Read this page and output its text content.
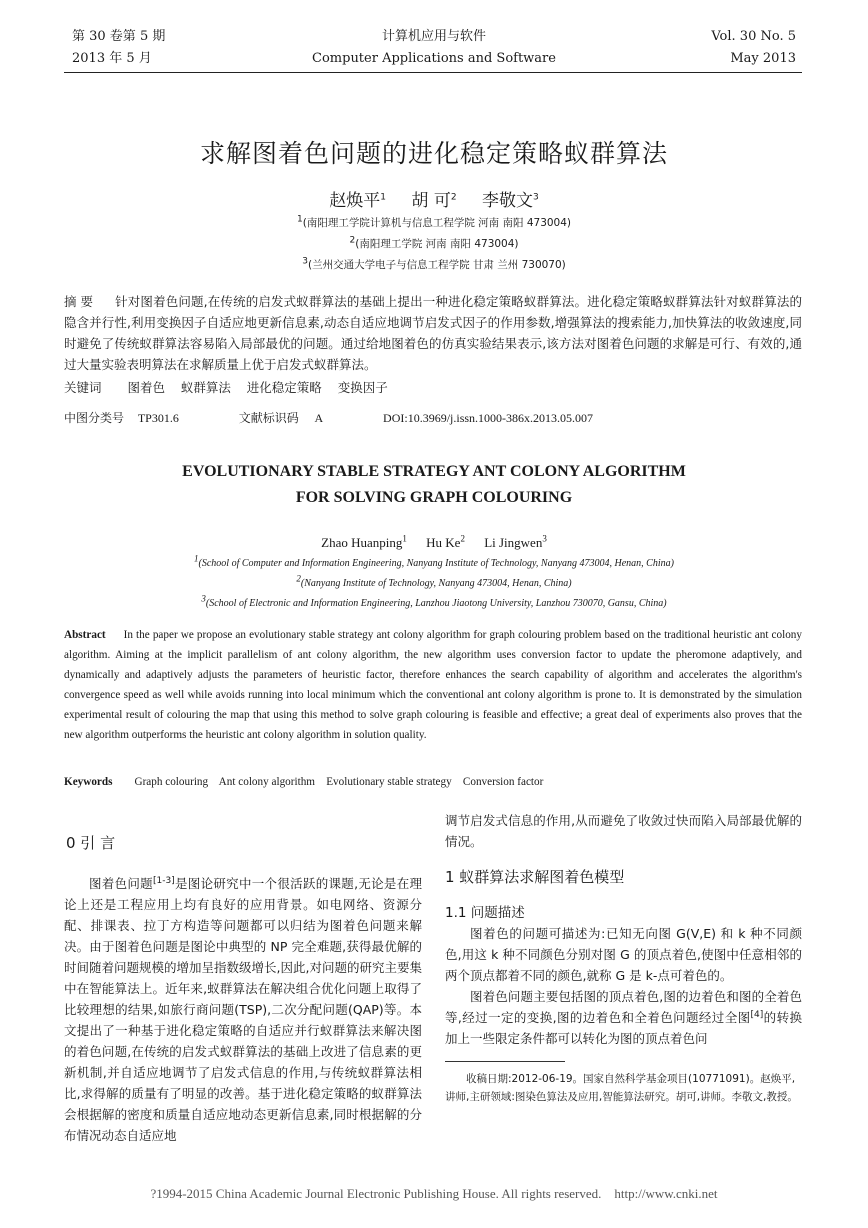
第 30 卷第 5 期
2013 年 5 月
计算机应用与软件
Computer Applications and Software
Vol. 30 No. 5
May 2013
求解图着色问题的进化稳定策略蚁群算法
赵焕平$^1$ 胡 可$^2$ 李敬文$^3$
$^1$(南阳理工学院计算机与信息工程学院 河南 南阳 473004)
$^2$(南阳理工学院 河南 南阳 473004)
$^3$(兰州交通大学电子与信息工程学院 甘肃 兰州 730070)
摘 要 针对图着色问题,在传统的启发式蚁群算法的基础上提出一种进化稳定策略蚁群算法。进化稳定策略蚁群算法针对蚁群算法的隐含并行性,利用变换因子自适应地更新信息素,动态自适应地调节启发式因子的作用参数,增强算法的搜索能力,加快算法的收敛速度,同时避免了传统蚁群算法容易陷入局部最优的问题。通过给地图着色的仿真实验结果表示,该方法对图着色问题的求解是可行、有效的,通过大量实验表明算法在求解质量上优于启发式蚁群算法。
关键词 图着色    蚁群算法    进化稳定策略    变换因子
中图分类号 TP301.6	文献标识码 A	DOI:10.3969/j.issn.1000-386x.2013.05.007
EVOLUTIONARY STABLE STRATEGY ANT COLONY ALGORITHM
FOR SOLVING GRAPH COLOURING
Zhao Huanping$^1$ Hu Ke$^2$ Li Jingwen$^3$
$^1$(School of Computer and Information Engineering, Nanyang Institute of Technology, Nanyang 473004, Henan, China)
$^2$(Nanyang Institute of Technology, Nanyang 473004, Henan, China)
$^3$(School of Electronic and Information Engineering, Lanzhou Jiaotong University, Lanzhou 730070, Gansu, China)
Abstract In the paper we propose an evolutionary stable strategy ant colony algorithm for graph colouring problem based on the traditional heuristic ant colony algorithm. Aiming at the implicit parallelism of ant colony algorithm, the new algorithm uses conversion factor to update the pheromone adaptively, and dynamically and adaptively adjusts the parameters of heuristic factor, therefore enhances the search capability of algorithm and accelerates the algorithm's convergence speed as well while avoids running into local minimum which the conventional ant colony algorithm is prone to. It is demonstrated by the simulation experimental result of colouring the map that using this method to solve graph colouring is feasible and effective; a great deal of experiments also proves that the new algorithm outperforms the heuristic ant colony algorithm in solution quality.
Keywords Graph colouring    Ant colony algorithm    Evolutionary stable strategy    Conversion factor
0 引 言

图着色问题[1-3]是图论研究中一个很活跃的课题,无论是在理论上还是工程应用上均有良好的应用背景。如电网络、资源分配、排课表、拉丁方构造等问题都可以归结为图着色问题来解决。由于图着色问题是图论中典型的 NP 完全难题,获得最优解的时间随着问题规模的增加呈指数级增长,因此,对问题的研究主要集中在智能算法上。近年来,蚁群算法在解决组合优化问题上取得了比较理想的结果,如旅行商问题(TSP),二次分配问题(QAP)等。本文提出了一种基于进化稳定策略的自适应并行蚁群算法来解决图的着色问题,在传统的启发式蚁群算法的基础上改进了信息素的更新机制,并自适应地调节了启发式信息的作用,与传统蚁群算法相比,求得解的质量有了明显的改善。基于进化稳定策略的蚁群算法会根据解的密度和质量自适应地动态更新信息素,同时根据解的分布情况动态自适应地

调节启发式信息的作用,从而避免了收敛过快而陷入局部最优解的情况。

1 蚁群算法求解图着色模型
1.1 问题描述

图着色的问题可描述为:已知无向图 G(V,E) 和 k 种不同颜色,用这 k 种不同颜色分别对图 G 的顶点着色,使图中任意相邻的两个顶点都着不同的颜色,就称 G 是 k-点可着色的。

图着色问题主要包括图的顶点着色,图的边着色和图的全着色等,经过一定的变换,图的边着色和全着色问题经过全图[4]的转换加上一些限定条件都可以转化为图的顶点着色问

收稿日期:2012-06-19。国家自然科学基金项目(10771091)。赵焕平,讲师,主研领域:图染色算法及应用,智能算法研究。胡可,讲师。李敬文,教授。

?1994-2015 China Academic Journal Electronic Publishing House. All rights reserved.    http://www.cnki.net
